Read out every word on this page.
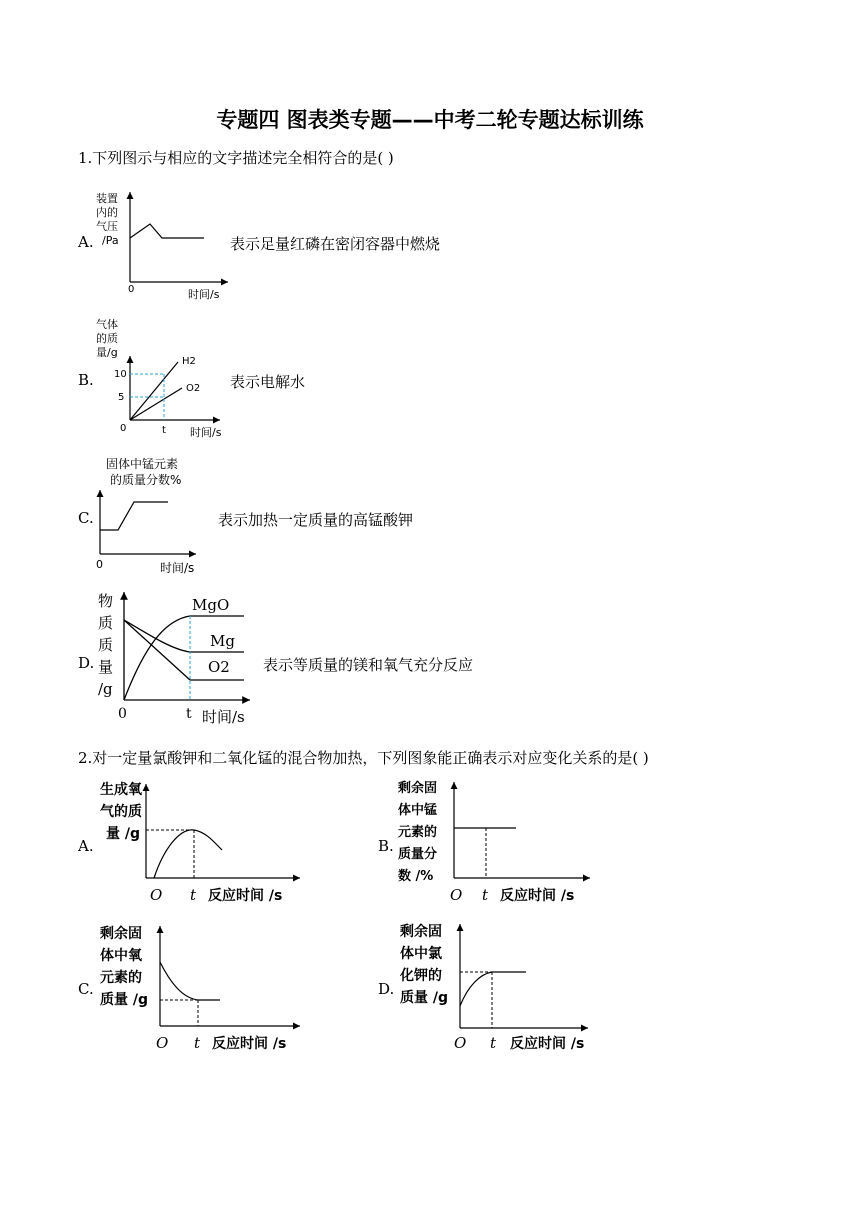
专题四 图表类专题——中考二轮专题达标训练
1.下列图示与相应的文字描述完全相符合的是( )
A.
装置
内的
气压
/Pa
0	时间/s
表示足量红磷在密闭容器中燃烧
B.
气体
的质
量/g
10
5
0	t 时间/s
H2
O2 表示电解水
C.
固体中锰元素
的质量分数%
0	时间/s
表示加热一定质量的高锰酸钾
D.
物
质
质
量
/g
0	t 时间/s
MgO
Mg
O2 表示等质量的镁和氧气充分反应
2.对一定量氯酸钾和二氧化锰的混合物加热，下列图象能正确表示对应变化关系的是( )
A.
生成氧
气的质
量 /g
O t 反应时间 /s
B.
剩余固
体中锰
元素的
质量分
数 /%
O t 反应时间 /s
C.
剩余固
体中氧
元素的
质量 /g
O t 反应时间 /s
D.
剩余固
体中氯
化钾的
质量 /g
O t 反应时间 /s
